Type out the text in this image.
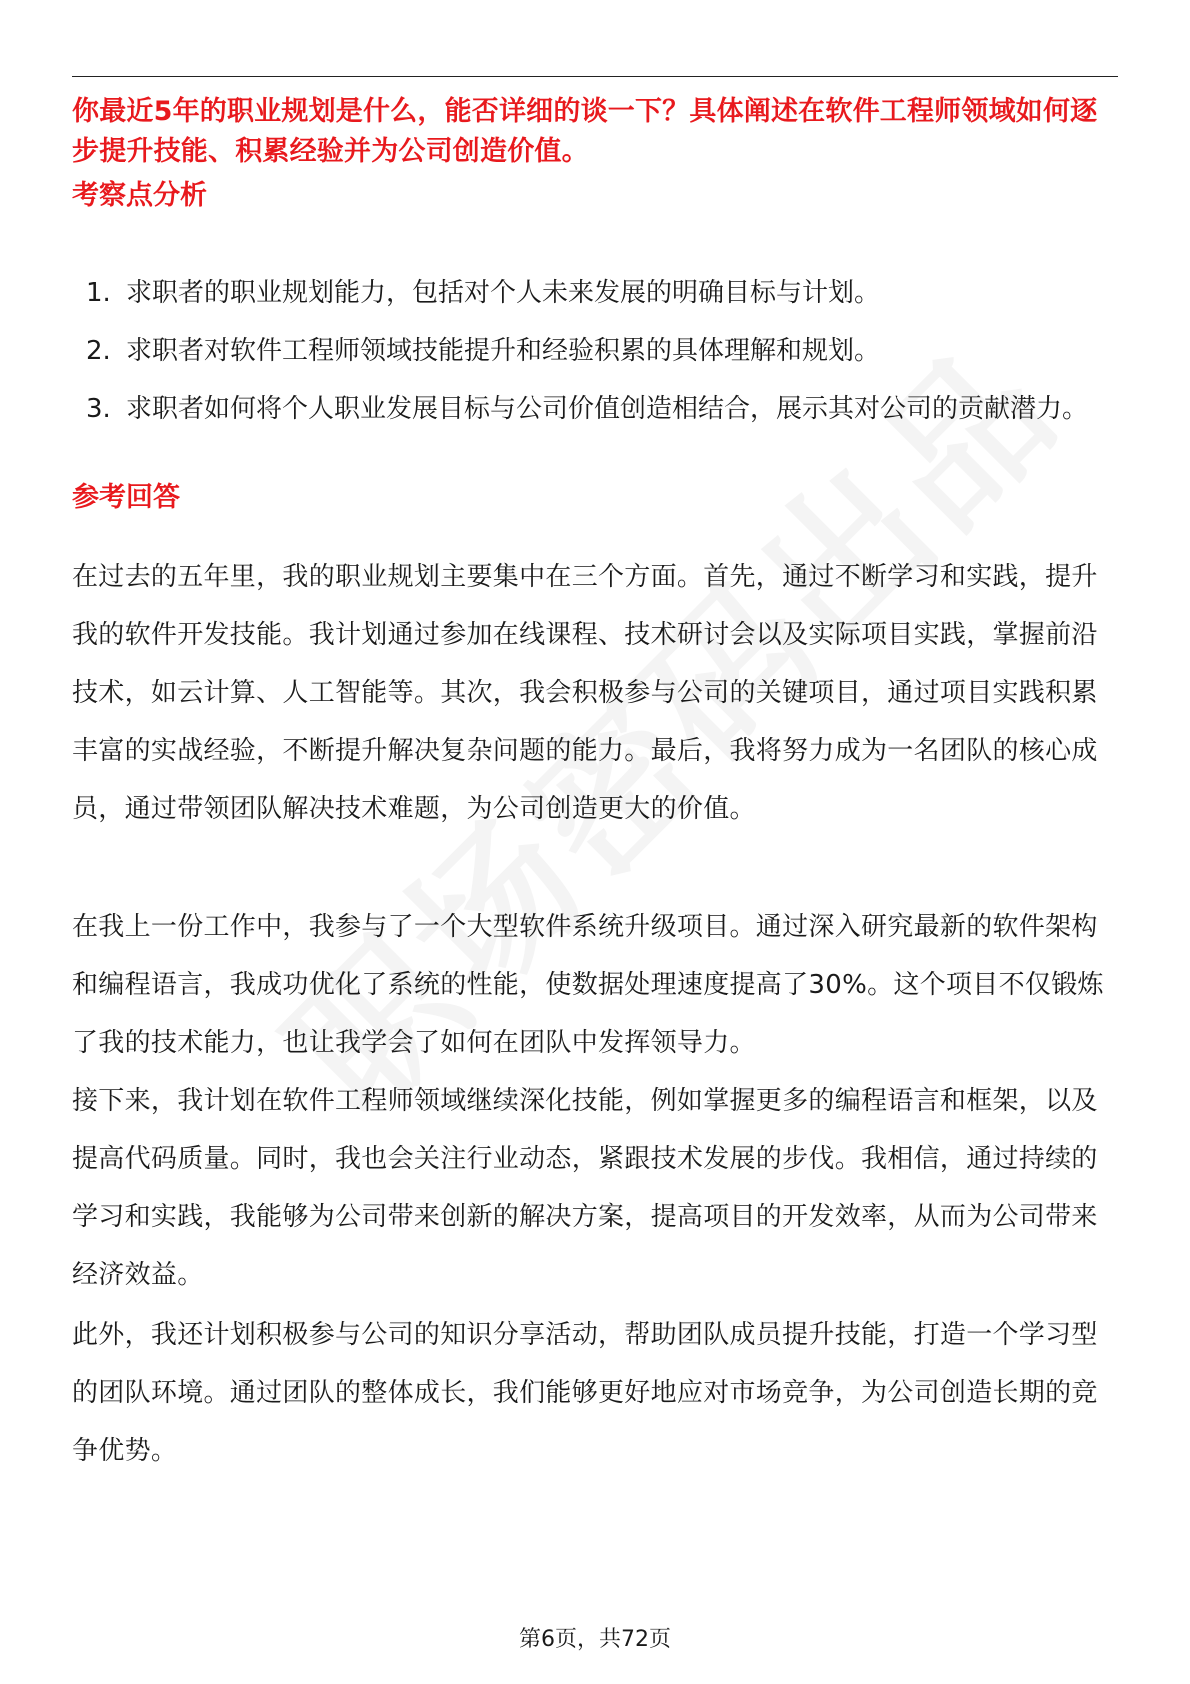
你最近5年的职业规划是什么，能否详细的谈一下？具体阐述在软件工程师领域如何逐步提升技能、积累经验并为公司创造价值。

考察点分析
1. 求职者的职业规划能力，包括对个人未来发展的明确目标与计划。
2. 求职者对软件工程师领域技能提升和经验积累的具体理解和规划。
3. 求职者如何将个人职业发展目标与公司价值创造相结合，展示其对公司的贡献潜力。
参考回答

在过去的五年里，我的职业规划主要集中在三个方面。首先，通过不断学习和实践，提升我的软件开发技能。我计划通过参加在线课程、技术研讨会以及实际项目实践，掌握前沿技术，如云计算、人工智能等。其次，我会积极参与公司的关键项目，通过项目实践积累丰富的实战经验，不断提升解决复杂问题的能力。最后，我将努力成为一名团队的核心成员，通过带领团队解决技术难题，为公司创造更大的价值。

在我上一份工作中，我参与了一个大型软件系统升级项目。通过深入研究最新的软件架构和编程语言，我成功优化了系统的性能，使数据处理速度提高了30%。这个项目不仅锻炼了我的技术能力，也让我学会了如何在团队中发挥领导力。

接下来，我计划在软件工程师领域继续深化技能，例如掌握更多的编程语言和框架，以及提高代码质量。同时，我也会关注行业动态，紧跟技术发展的步伐。我相信，通过持续的学习和实践，我能够为公司带来创新的解决方案，提高项目的开发效率，从而为公司带来经济效益。

此外，我还计划积极参与公司的知识分享活动，帮助团队成员提升技能，打造一个学习型的团队环境。通过团队的整体成长，我们能够更好地应对市场竞争，为公司创造长期的竞争优势。

第6页，共72页
